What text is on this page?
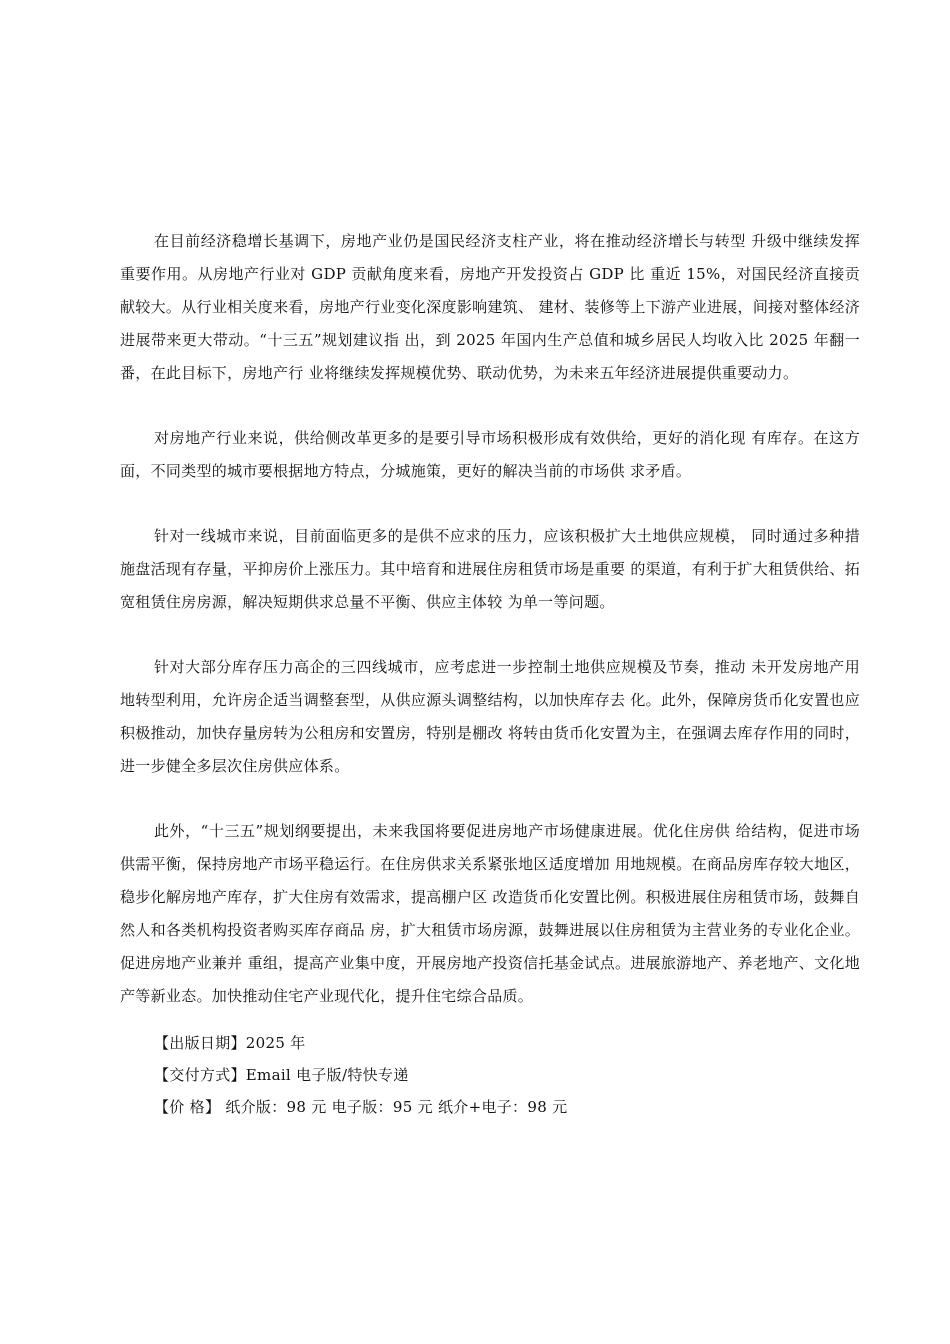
在目前经济稳增长基调下，房地产业仍是国民经济支柱产业，将在推动经济增长与转型 升级中继续发挥重要作用。从房地产行业对 GDP 贡献角度来看，房地产开发投资占 GDP 比 重近 15%，对国民经济直接贡献较大。从行业相关度来看，房地产行业变化深度影响建筑、 建材、装修等上下游产业进展，间接对整体经济进展带来更大带动。“十三五”规划建议指 出，到 2025 年国内生产总值和城乡居民人均收入比 2025 年翻一番，在此目标下，房地产行 业将继续发挥规模优势、联动优势，为未来五年经济进展提供重要动力。

对房地产行业来说，供给侧改革更多的是要引导市场积极形成有效供给，更好的消化现 有库存。在这方面，不同类型的城市要根据地方特点，分城施策，更好的解决当前的市场供 求矛盾。

针对一线城市来说，目前面临更多的是供不应求的压力，应该积极扩大土地供应规模， 同时通过多种措施盘活现有存量，平抑房价上涨压力。其中培育和进展住房租赁市场是重要 的渠道，有利于扩大租赁供给、拓宽租赁住房房源，解决短期供求总量不平衡、供应主体较 为单一等问题。

针对大部分库存压力高企的三四线城市，应考虑进一步控制土地供应规模及节奏，推动 未开发房地产用地转型利用，允许房企适当调整套型，从供应源头调整结构，以加快库存去 化。此外，保障房货币化安置也应积极推动，加快存量房转为公租房和安置房，特别是棚改 将转由货币化安置为主，在强调去库存作用的同时，进一步健全多层次住房供应体系。

此外，“十三五”规划纲要提出，未来我国将要促进房地产市场健康进展。优化住房供 给结构，促进市场供需平衡，保持房地产市场平稳运行。在住房供求关系紧张地区适度增加 用地规模。在商品房库存较大地区，稳步化解房地产库存，扩大住房有效需求，提高棚户区 改造货币化安置比例。积极进展住房租赁市场，鼓舞自然人和各类机构投资者购买库存商品 房，扩大租赁市场房源，鼓舞进展以住房租赁为主营业务的专业化企业。促进房地产业兼并 重组，提高产业集中度，开展房地产投资信托基金试点。进展旅游地产、养老地产、文化地 产等新业态。加快推动住宅产业现代化，提升住宅综合品质。

【出版日期】2025 年
【交付方式】Email 电子版/特快专递
【价 格】 纸介版：98 元 电子版：95 元 纸介+电子：98 元
